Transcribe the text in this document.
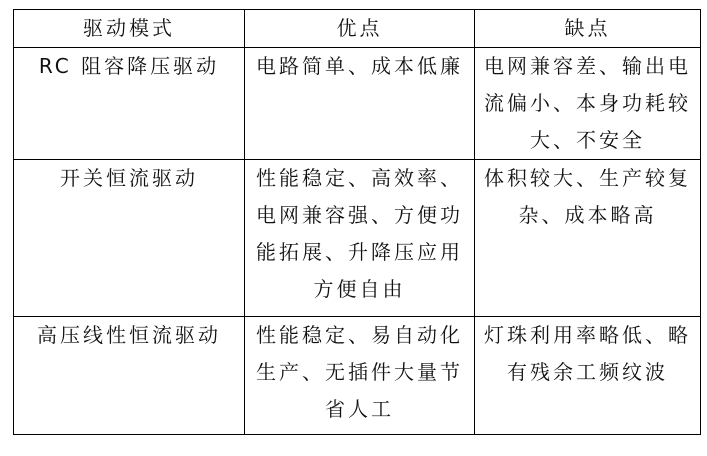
驱动模式	优点	缺点
RC 阻容降压驱动	电路简单、成本低廉	电网兼容差、输出电
流偏小、本身功耗较
大、不安全

开关恒流驱动	性能稳定、高效率、
电网兼容强、方便功
能拓展、升降压应用
方便自由	体积较大、生产较复
杂、成本略高

高压线性恒流驱动	性能稳定、易自动化
生产、无插件大量节
省人工	灯珠利用率略低、略
有残余工频纹波
